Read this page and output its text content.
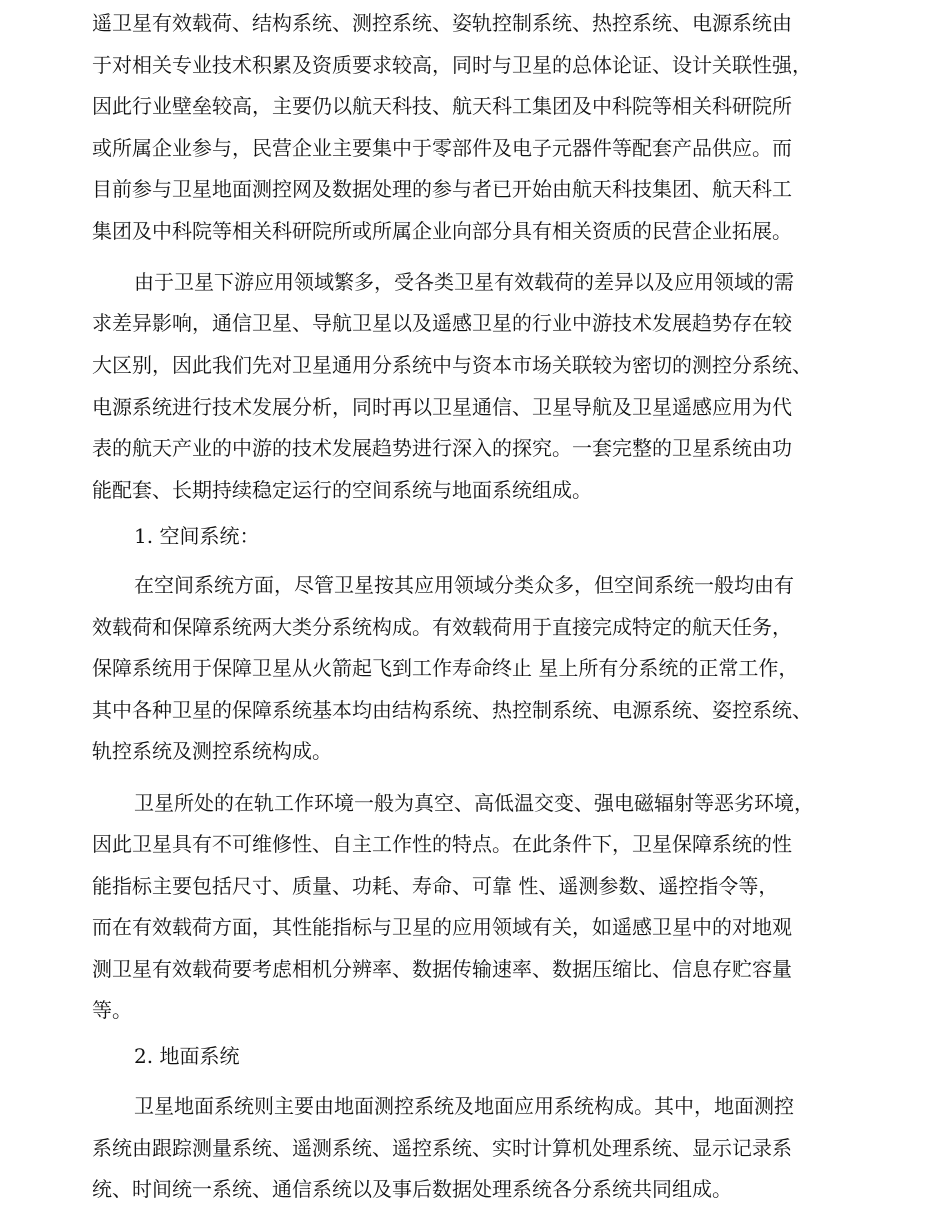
遥卫星有效载荷、结构系统、测控系统、姿轨控制系统、热控系统、电源系统由
于对相关专业技术积累及资质要求较高，同时与卫星的总体论证、设计关联性强，
因此行业壁垒较高，主要仍以航天科技、航天科工集团及中科院等相关科研院所
或所属企业参与，民营企业主要集中于零部件及电子元器件等配套产品供应。而
目前参与卫星地面测控网及数据处理的参与者已开始由航天科技集团、航天科工
集团及中科院等相关科研院所或所属企业向部分具有相关资质的民营企业拓展。
由于卫星下游应用领域繁多，受各类卫星有效载荷的差异以及应用领域的需
求差异影响，通信卫星、导航卫星以及遥感卫星的行业中游技术发展趋势存在较
大区别，因此我们先对卫星通用分系统中与资本市场关联较为密切的测控分系统、
电源系统进行技术发展分析，同时再以卫星通信、卫星导航及卫星遥感应用为代
表的航天产业的中游的技术发展趋势进行深入的探究。一套完整的卫星系统由功
能配套、长期持续稳定运行的空间系统与地面系统组成。
1. 空间系统：
在空间系统方面，尽管卫星按其应用领域分类众多，但空间系统一般均由有
效载荷和保障系统两大类分系统构成。有效载荷用于直接完成特定的航天任务，
保障系统用于保障卫星从火箭起飞到工作寿命终止 星上所有分系统的正常工作，
其中各种卫星的保障系统基本均由结构系统、热控制系统、电源系统、姿控系统、
轨控系统及测控系统构成。
卫星所处的在轨工作环境一般为真空、高低温交变、强电磁辐射等恶劣环境，
因此卫星具有不可维修性、自主工作性的特点。在此条件下，卫星保障系统的性
能指标主要包括尺寸、质量、功耗、寿命、可靠 性、遥测参数、遥控指令等，
而在有效载荷方面，其性能指标与卫星的应用领域有关，如遥感卫星中的对地观
测卫星有效载荷要考虑相机分辨率、数据传输速率、数据压缩比、信息存贮容量
等。
2. 地面系统
卫星地面系统则主要由地面测控系统及地面应用系统构成。其中，地面测控
系统由跟踪测量系统、遥测系统、遥控系统、实时计算机处理系统、显示记录系
统、时间统一系统、通信系统以及事后数据处理系统各分系统共同组成。
